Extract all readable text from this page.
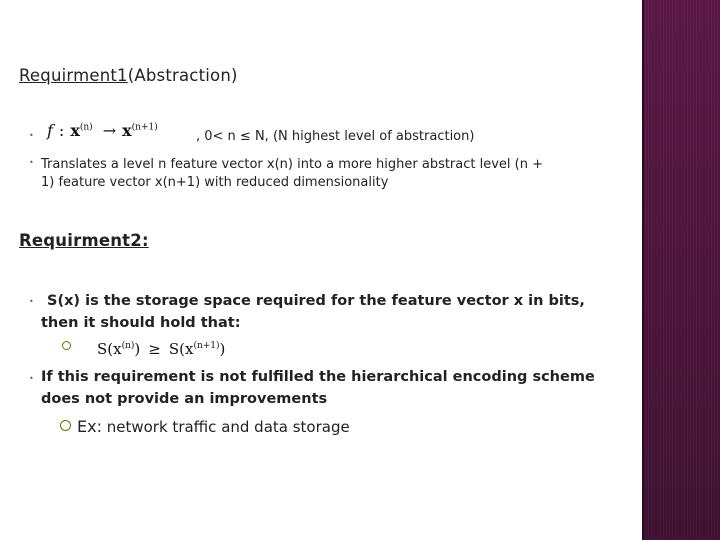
Requirment1(Abstraction)
• f : $x^{(n)} \to x^{(n+1)}$
, 0< n ≤ N, (N highest level of abstraction)
• Translates a level n feature vector x(n) into a more higher abstract level (n +
1) feature vector x(n+1) with reduced dimensionality
Requirment2:
• S(x) is the storage space required for the feature vector x in bits,
then it should hold that:
$S(x^{(n)}) \ge S(x^{(n+1)})$
• If this requirement is not fulfilled the hierarchical encoding scheme
does not provide an improvements
Ex: network traffic and data storage
